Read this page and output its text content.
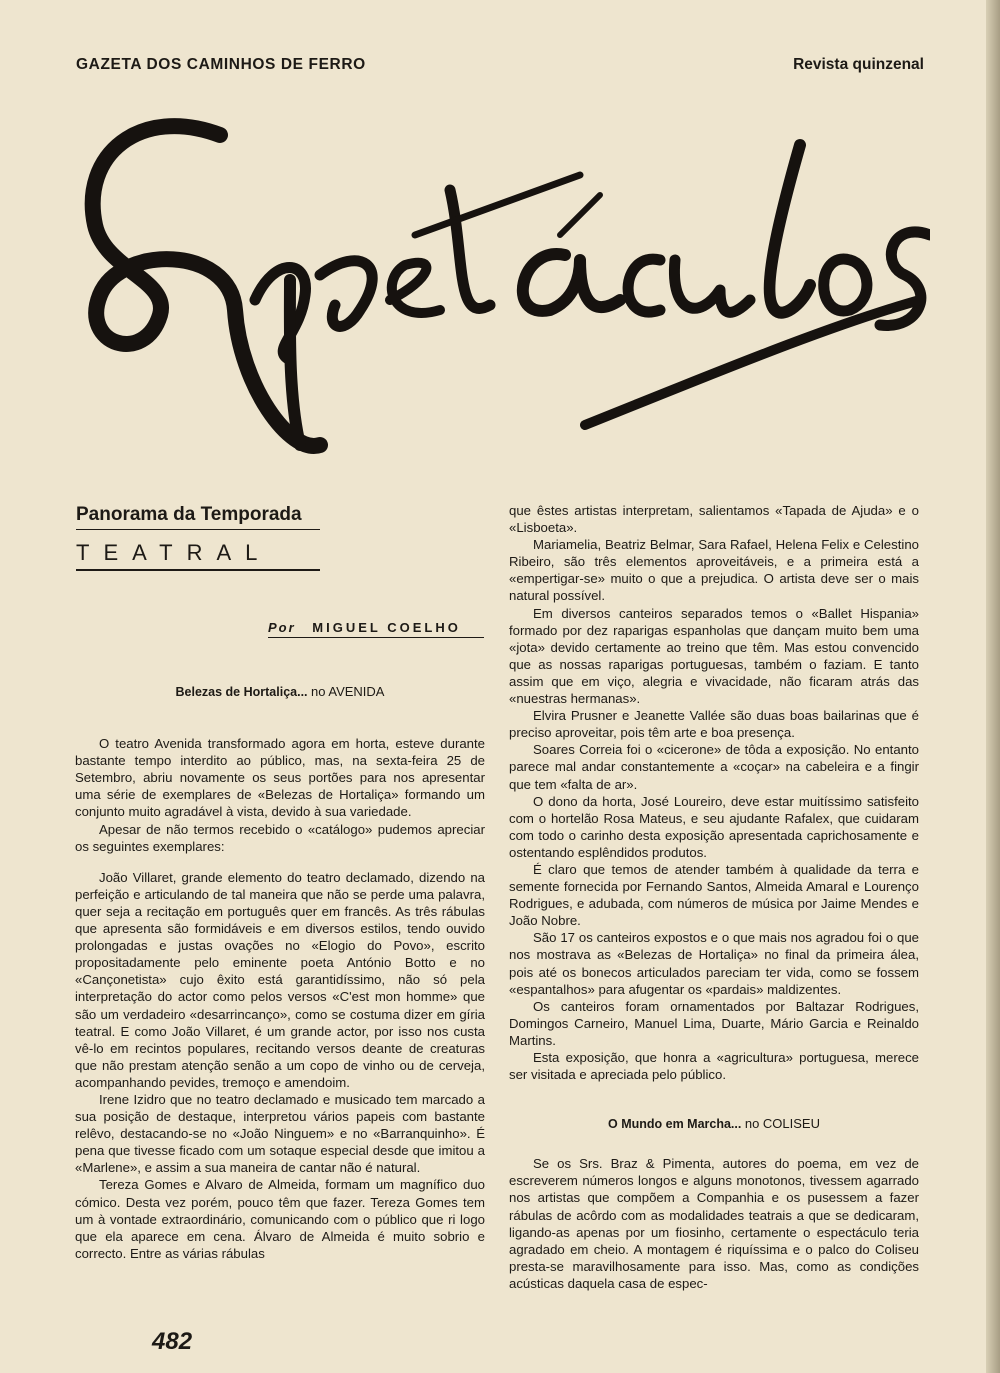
GAZETA DOS CAMINHOS DE FERRO	Revista quinzenal
Panorama da Temporada
TEATRAL
Por MIGUEL COELHO

Belezas de Hortaliça... no AVENIDA

O teatro Avenida transformado agora em horta, esteve durante bastante tempo interdito ao público, mas, na sexta-feira 25 de Setembro, abriu novamente os seus portões para nos apresentar uma série de exemplares de «Belezas de Hortaliça» formando um conjunto muito agradável à vista, devido à sua variedade.

Apesar de não termos recebido o «catálogo» pudemos apreciar os seguintes exemplares:

João Villaret, grande elemento do teatro declamado, dizendo na perfeição e articulando de tal maneira que não se perde uma palavra, quer seja a recitação em português quer em francês. As três rábulas que apresenta são formidáveis e em diversos estilos, tendo ouvido prolongadas e justas ovações no «Elogio do Povo», escrito propositadamente pelo eminente poeta António Botto e no «Cançonetista» cujo êxito está garantidíssimo, não só pela interpretação do actor como pelos versos «C'est mon homme» que são um verdadeiro «desarrincanço», como se costuma dizer em gíria teatral. E como João Villaret, é um grande actor, por isso nos custa vê-lo em recintos populares, recitando versos deante de creaturas que não prestam atenção senão a um copo de vinho ou de cerveja, acompanhando pevides, tremoço e amendoim.

Irene Izidro que no teatro declamado e musicado tem marcado a sua posição de destaque, interpretou vários papeis com bastante relêvo, destacando-se no «João Ninguem» e no «Barranquinho». É pena que tivesse ficado com um sotaque especial desde que imitou a «Marlene», e assim a sua maneira de cantar não é natural.

Tereza Gomes e Alvaro de Almeida, formam um magnífico duo cómico. Desta vez porém, pouco têm que fazer. Tereza Gomes tem um à vontade extraordinário, comunicando com o público que ri logo que ela aparece em cena. Álvaro de Almeida é muito sobrio e correcto. Entre as várias rábulas

que êstes artistas interpretam, salientamos «Tapada de Ajuda» e o «Lisboeta».

Mariamelia, Beatriz Belmar, Sara Rafael, Helena Felix e Celestino Ribeiro, são três elementos aproveitáveis, e a primeira está a «empertigar-se» muito o que a prejudica. O artista deve ser o mais natural possível.

Em diversos canteiros separados temos o «Ballet Hispania» formado por dez raparigas espanholas que dançam muito bem uma «jota» devido certamente ao treino que têm. Mas estou convencido que as nossas raparigas portuguesas, também o faziam. E tanto assim que em viço, alegria e vivacidade, não ficaram atrás das «nuestras hermanas».

Elvira Prusner e Jeanette Vallée são duas boas bailarinas que é preciso aproveitar, pois têm arte e boa presença.

Soares Correia foi o «cicerone» de tôda a exposição. No entanto parece mal andar constantemente a «coçar» na cabeleira e a fingir que tem «falta de ar».

O dono da horta, José Loureiro, deve estar muitíssimo satisfeito com o hortelão Rosa Mateus, e seu ajudante Rafalex, que cuidaram com todo o carinho desta exposição apresentada caprichosamente e ostentando esplêndidos produtos.

É claro que temos de atender também à qualidade da terra e semente fornecida por Fernando Santos, Almeida Amaral e Lourenço Rodrigues, e adubada, com números de música por Jaime Mendes e João Nobre.

São 17 os canteiros expostos e o que mais nos agradou foi o que nos mostrava as «Belezas de Hortaliça» no final da primeira álea, pois até os bonecos articulados pareciam ter vida, como se fossem «espantalhos» para afugentar os «pardais» maldizentes.

Os canteiros foram ornamentados por Baltazar Rodrigues, Domingos Carneiro, Manuel Lima, Duarte, Mário Garcia e Reinaldo Martins.

Esta exposição, que honra a «agricultura» portuguesa, merece ser visitada e apreciada pelo público.

O Mundo em Marcha... no COLISEU

Se os Srs. Braz & Pimenta, autores do poema, em vez de escreverem números longos e alguns monotonos, tivessem agarrado nos artistas que compõem a Companhia e os pusessem a fazer rábulas de acôrdo com as modalidades teatrais a que se dedicaram, ligando-as apenas por um fiosinho, certamente o espectáculo teria agradado em cheio. A montagem é riquíssima e o palco do Coliseu presta-se maravilhosamente para isso. Mas, como as condições acústicas daquela casa de espec-

482
